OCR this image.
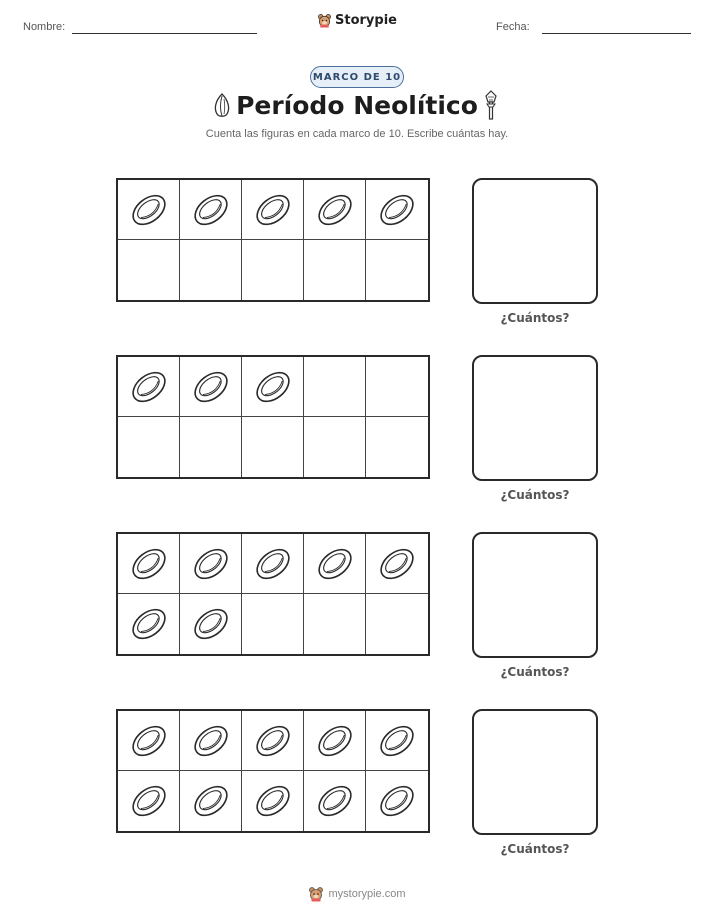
Nombre:	Storypie	Fecha:
MARCO DE 10
Período Neolítico
Cuenta las figuras en cada marco de 10. Escribe cuántas hay.
¿Cuántos?
¿Cuántos?
¿Cuántos?
¿Cuántos?
mystorypie.com
